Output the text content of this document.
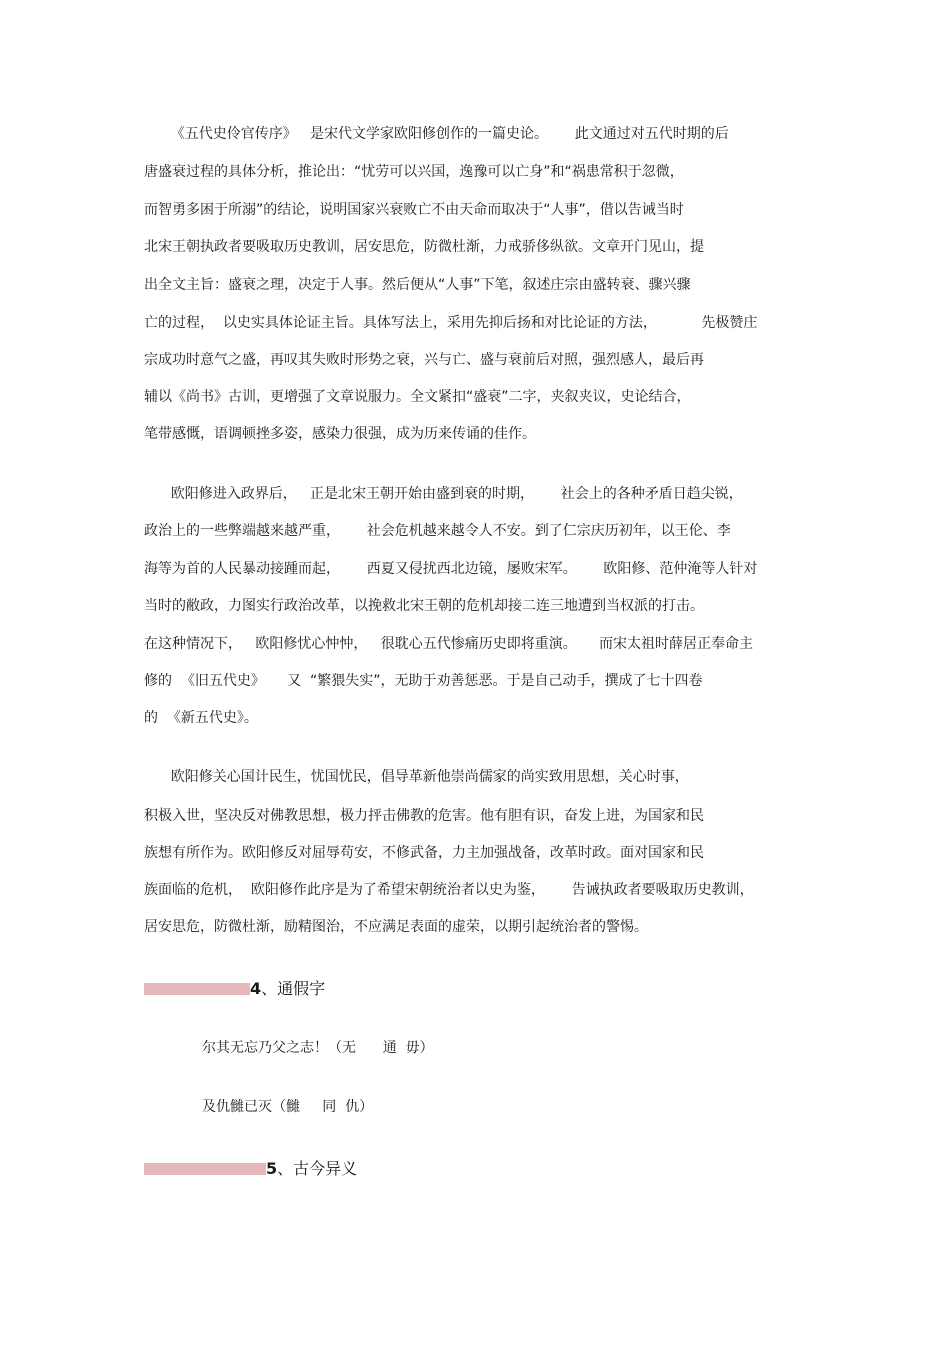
《五代史伶官传序》   是宋代文学家欧阳修创作的一篇史论。      此文通过对五代时期的后
唐盛衰过程的具体分析，推论出：“忧劳可以兴国，逸豫可以亡身”和“祸患常积于忽微，
而智勇多困于所溺”的结论，说明国家兴衰败亡不由天命而取决于“人事”，借以告诫当时
北宋王朝执政者要吸取历史教训，居安思危，防微杜渐，力戒骄侈纵欲。文章开门见山，提
出全文主旨：盛衰之理，决定于人事。然后便从“人事”下笔，叙述庄宗由盛转衰、骤兴骤
亡的过程，  以史实具体论证主旨。具体写法上，采用先抑后扬和对比论证的方法，          先极赞庄
宗成功时意气之盛，再叹其失败时形势之衰，兴与亡、盛与衰前后对照，强烈感人，最后再
辅以《尚书》古训，更增强了文章说服力。全文紧扣“盛衰”二字，夹叙夹议，史论结合，
笔带感慨，语调顿挫多姿，感染力很强，成为历来传诵的佳作。
欧阳修进入政界后，   正是北宋王朝开始由盛到衰的时期，      社会上的各种矛盾日趋尖锐，
政治上的一些弊端越来越严重，      社会危机越来越令人不安。到了仁宗庆历初年，以王伦、李
海等为首的人民暴动接踵而起，      西夏又侵扰西北边镜，屡败宋军。      欧阳修、范仲淹等人针对
当时的敝政，力图实行政治改革，以挽救北宋王朝的危机却接二连三地遭到当权派的打击。
在这种情况下，   欧阳修忧心忡忡，   很耽心五代惨痛历史即将重演。     而宋太祖时薛居正奉命主
修的  《旧五代史》     又  “繁猥失实”，无助于劝善惩恶。于是自己动手，撰成了七十四卷
的  《新五代史》。
欧阳修关心国计民生，忧国忧民，倡导革新他崇尚儒家的尚实致用思想，关心时事，
积极入世，坚决反对佛教思想，极力抨击佛教的危害。他有胆有识，奋发上进，为国家和民
族想有所作为。欧阳修反对屈辱苟安，不修武备，力主加强战备，改革时政。面对国家和民
族面临的危机，  欧阳修作此序是为了希望宋朝统治者以史为鉴，      告诫执政者要吸取历史教训，
居安思危，防微杜渐，励精图治，不应满足表面的虚荣，以期引起统治者的警惕。
4 、通假字
尔其无忘乃父之志！（无      通  毋）
及仇雠已灭（雠     同  仇）
5 、古今异义
